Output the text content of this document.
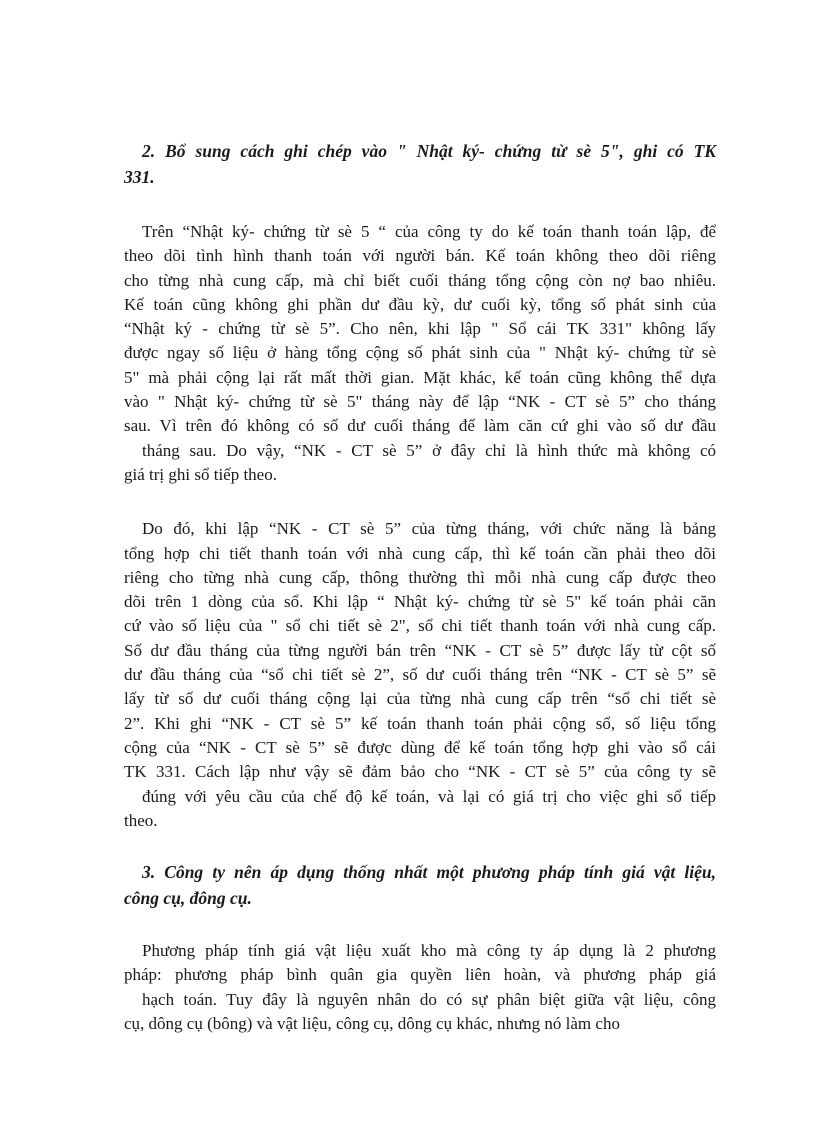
2. Bổ sung cách ghi chép vào " Nhật ký- chứng từ sè 5", ghi có TK
331.
Trên “Nhật ký- chứng từ sè 5 “ của công ty do kế toán thanh toán lập, để
theo dõi tình hình thanh toán với người bán. Kế toán không theo dõi riêng
cho từng nhà cung cấp, mà chỉ biết cuối tháng tổng cộng còn nợ bao nhiêu.
Kế toán cũng không ghi phần dư đầu kỳ, dư cuối kỳ, tổng số phát sinh của
“Nhật ký - chứng từ sè 5”. Cho nên, khi lập " Sổ cái TK 331" không lấy
được ngay số liệu ở hàng tổng cộng số phát sinh của " Nhật ký- chứng từ sè
5" mà phải cộng lại rất mất thời gian. Mặt khác, kế toán cũng không thể dựa
vào " Nhật ký- chứng từ sè 5" tháng này để lập “NK - CT sè 5” cho tháng
sau. Vì trên đó không có số dư cuối tháng để làm căn cứ ghi vào số dư đầu
tháng sau. Do vậy, “NK - CT sè 5” ở đây chỉ là hình thức mà không có
giá trị ghi sổ tiếp theo.
Do đó, khi lập “NK - CT sè 5” của từng tháng, với chức năng là bảng
tổng hợp chi tiết thanh toán với nhà cung cấp, thì kế toán cần phải theo dõi
riêng cho từng nhà cung cấp, thông thường thì mỗi nhà cung cấp được theo
dõi trên 1 dòng của sổ. Khi lập “ Nhật ký- chứng từ sè 5" kế toán phải căn
cứ vào số liệu của " sổ chi tiết sè 2", sổ chi tiết thanh toán với nhà cung cấp.
Số dư đầu tháng của từng người bán trên “NK - CT sè 5” được lấy từ cột số
dư đầu tháng của “sổ chi tiết sè 2”, số dư cuối tháng trên “NK - CT sè 5” sẽ
lấy từ số dư cuối tháng cộng lại của từng nhà cung cấp trên “sổ chi tiết sè
2”. Khi ghi “NK - CT sè 5” kế toán thanh toán phải cộng sổ, số liệu tổng
cộng của “NK - CT sè 5” sẽ được dùng để kế toán tổng hợp ghi vào sổ cái
TK 331. Cách lập như vậy sẽ đảm bảo cho “NK - CT sè 5” của công ty sẽ
đúng với yêu cầu của chế độ kế toán, và lại có giá trị cho việc ghi sổ tiếp
theo.
3. Công ty nên áp dụng thống nhất một phương pháp tính giá vật liệu,
công cụ, đông cụ.
Phương pháp tính giá vật liệu xuất kho mà công ty áp dụng là 2 phương
pháp: phương pháp bình quân gia quyền liên hoàn, và phương pháp giá
hạch toán. Tuy đây là nguyên nhân do có sự phân biệt giữa vật liệu, công
cụ, dông cụ (bông) và vật liệu, công cụ, dông cụ khác, nhưng nó làm cho
